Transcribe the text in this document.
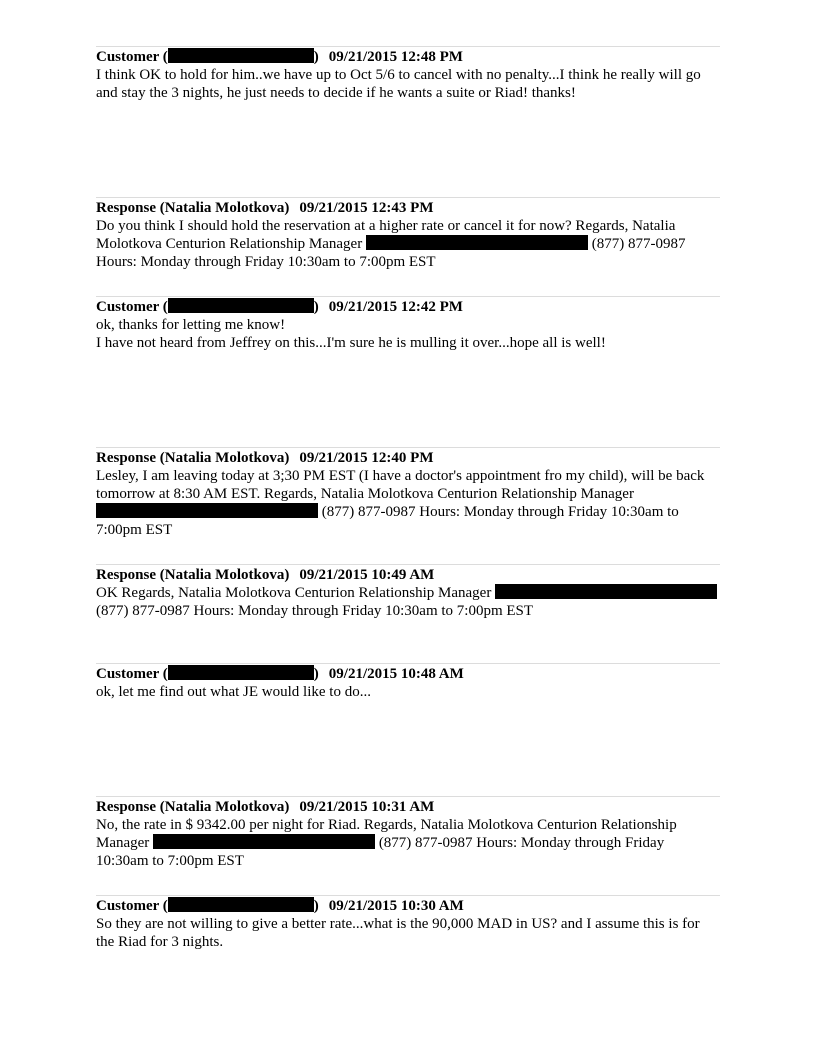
Customer (	) 09/21/2015 12:48 PM

I think OK to hold for him..we have up to Oct 5/6 to cancel with no penalty...I think he really will go and stay the 3 nights, he just needs to decide if he wants a suite or Riad! thanks!

Response (Natalia Molotkova) 09/21/2015 12:43 PM

Do you think I should hold the reservation at a higher rate or cancel it for now? Regards, Natalia Molotkova Centurion Relationship Manager	(877) 877-0987 Hours: Monday through Friday 10:30am to 7:00pm EST

Customer (	) 09/21/2015 12:42 PM

ok, thanks for letting me know!

I have not heard from Jeffrey on this...I'm sure he is mulling it over...hope all is well!

Response (Natalia Molotkova) 09/21/2015 12:40 PM

Lesley, I am leaving today at 3;30 PM EST (I have a doctor's appointment fro my child), will be back tomorrow at 8:30 AM EST. Regards, Natalia Molotkova Centurion Relationship Manager  (877) 877-0987 Hours: Monday through Friday 10:30am to 7:00pm EST

Response (Natalia Molotkova) 09/21/2015 10:49 AM

OK Regards, Natalia Molotkova Centurion Relationship Manager  (877) 877-0987 Hours: Monday through Friday 10:30am to 7:00pm EST

Customer (	) 09/21/2015 10:48 AM

ok, let me find out what JE would like to do...

Response (Natalia Molotkova) 09/21/2015 10:31 AM

No, the rate in $ 9342.00 per night for Riad. Regards, Natalia Molotkova Centurion Relationship Manager	(877) 877-0987 Hours: Monday through Friday 10:30am to 7:00pm EST

Customer (	) 09/21/2015 10:30 AM

So they are not willing to give a better rate...what is the 90,000 MAD in US? and I assume this is for the Riad for 3 nights.
